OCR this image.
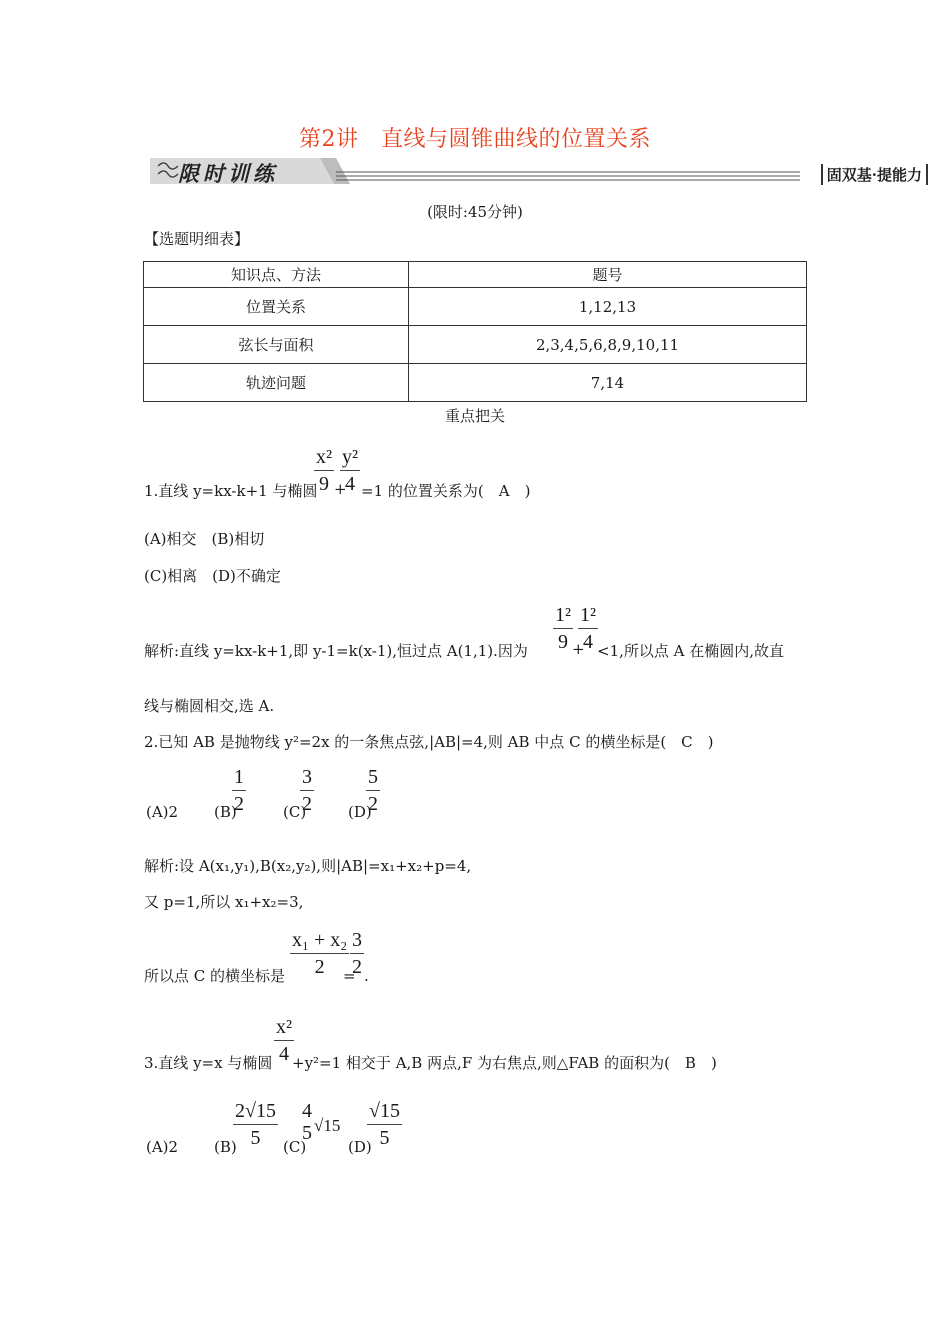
第2讲　直线与圆锥曲线的位置关系
限时训练	固双基·提能力
(限时:45分钟)
【选题明细表】
知识点、方法	题号
位置关系	1,12,13
弦长与面积	2,3,4,5,6,8,9,10,11
轨迹问题	7,14
重点把关
1.直线 y=kx-k+1 与椭圆
x²
9 +
y²
4 =1 的位置关系为(　A　)
(A)相交　(B)相切
(C)相离　(D)不确定
解析:直线 y=kx-k+1,即 y-1=k(x-1),恒过点 A(1,1).因为
1²
9 +
1²
4 <1,所以点 A 在椭圆内,故直
线与椭圆相交,选 A.
2.已知 AB 是抛物线 y²=2x 的一条焦点弦,|AB|=4,则 AB 中点 C 的横坐标是(　C　)
(A)2 (B)
1
2	(C)
3
2 (D)
5
2
解析:设 A(x₁,y₁),B(x₂,y₂),则|AB|=x₁+x₂+p=4,
又 p=1,所以 x₁+x₂=3,
所以点 C 的横坐标是
x₁ + x₂
2	=
3
2 .
3.直线 y=x 与椭圆
x²
4 +y²=1 相交于 A,B 两点,F 为右焦点,则△FAB 的面积为(　B　)
(A)2 (B)
2√15
5	(C)
4
5 √15
(D)
√15
5
